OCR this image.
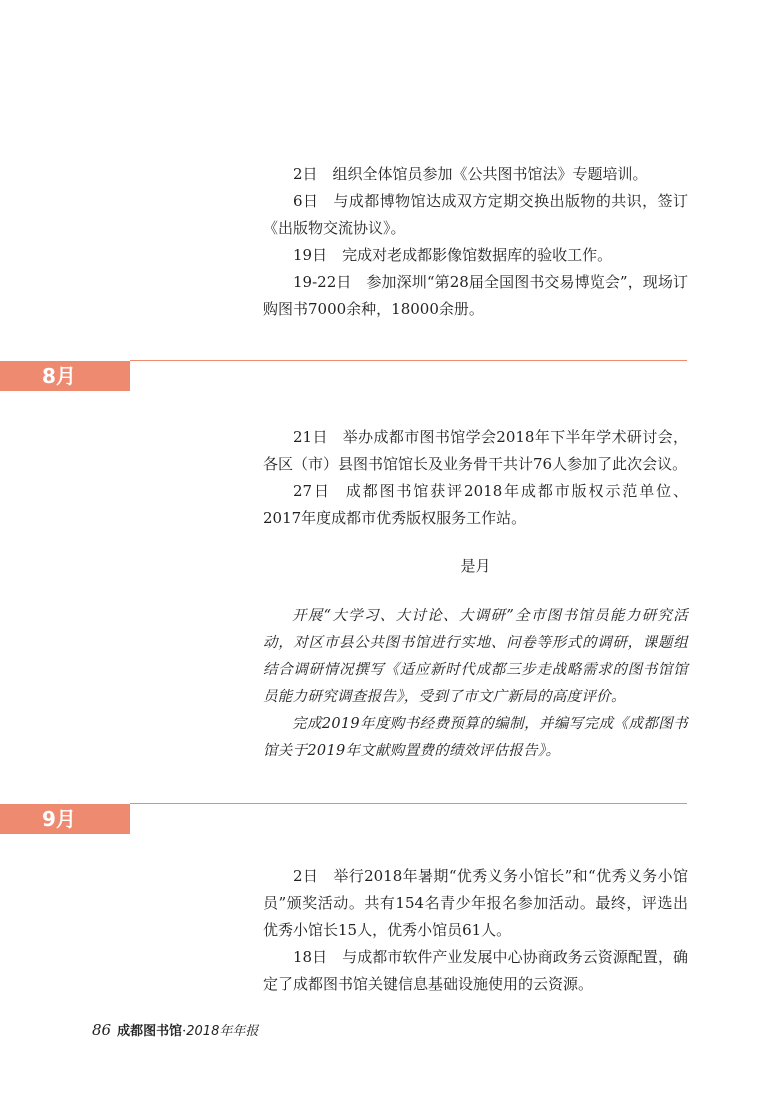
2日 组织全体馆员参加《公共图书馆法》专题培训。

6日 与成都博物馆达成双方定期交换出版物的共识，签订《出版物交流协议》。

19日 完成对老成都影像馆数据库的验收工作。

19-22日 参加深圳“第28届全国图书交易博览会”，现场订购图书7000余种，18000余册。

8月

21日 举办成都市图书馆学会2018年下半年学术研讨会，各区（市）县图书馆馆长及业务骨干共计76人参加了此次会议。

27日 成都图书馆获评2018年成都市版权示范单位、2017年度成都市优秀版权服务工作站。

是月

开展“大学习、大讨论、大调研”全市图书馆员能力研究活动，对区市县公共图书馆进行实地、问卷等形式的调研，课题组结合调研情况撰写《适应新时代成都三步走战略需求的图书馆馆员能力研究调查报告》，受到了市文广新局的高度评价。

完成2019年度购书经费预算的编制，并编写完成《成都图书馆关于2019年文献购置费的绩效评估报告》。

9月

2日 举行2018年暑期“优秀义务小馆长”和“优秀义务小馆员”颁奖活动。共有154名青少年报名参加活动。最终，评选出优秀小馆长15人，优秀小馆员61人。

18日 与成都市软件产业发展中心协商政务云资源配置，确定了成都图书馆关键信息基础设施使用的云资源。

86 成都图书馆·2018年年报
